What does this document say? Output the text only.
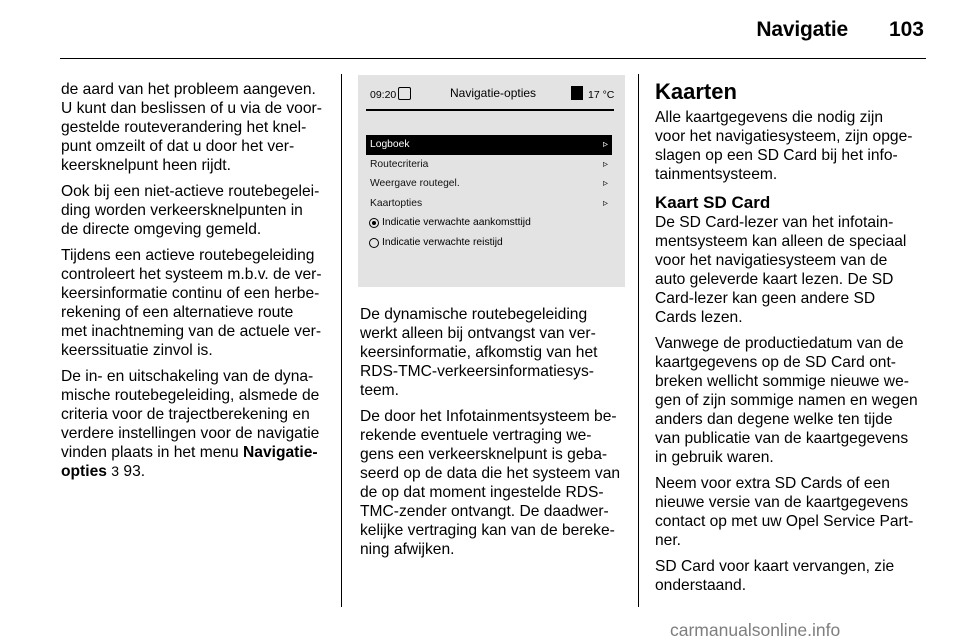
Navigatie	103

de aard van het probleem aangeven.
U kunt dan beslissen of u via de voor-
gestelde routeverandering het knel-
punt omzeilt of dat u door het ver-
keersknelpunt heen rijdt.

Ook bij een niet-actieve routebegelei-
ding worden verkeersknelpunten in
de directe omgeving gemeld.

Tijdens een actieve routebegeleiding
controleert het systeem m.b.v. de ver-
keersinformatie continu of een herbe-
rekening of een alternatieve route
met inachtneming van de actuele ver-
keerssituatie zinvol is.

De in- en uitschakeling van de dyna-
mische routebegeleiding, alsmede de
criteria voor de trajectberekening en
verdere instellingen voor de navigatie
vinden plaats in het menu Navigatie-
opties 3 93.

09:20	Navigatie-opties	17 °C
Logboek	▹
Routecriteria	▹
Weergave routegel.	▹
Kaartopties	▹
Indicatie verwachte aankomsttijd
Indicatie verwachte reistijd

De dynamische routebegeleiding
werkt alleen bij ontvangst van ver-
keersinformatie, afkomstig van het
RDS-TMC-verkeersinformatiesys-
teem.

De door het Infotainmentsysteem be-
rekende eventuele vertraging we-
gens een verkeersknelpunt is geba-
seerd op de data die het systeem van
de op dat moment ingestelde RDS-
TMC-zender ontvangt. De daadwer-
kelijke vertraging kan van de bereke-
ning afwijken.

Kaarten

Alle kaartgegevens die nodig zijn
voor het navigatiesysteem, zijn opge-
slagen op een SD Card bij het info-
tainmentsysteem.

Kaart SD Card

De SD Card-lezer van het infotain-
mentsysteem kan alleen de speciaal
voor het navigatiesysteem van de
auto geleverde kaart lezen. De SD
Card-lezer kan geen andere SD
Cards lezen.

Vanwege de productiedatum van de
kaartgegevens op de SD Card ont-
breken wellicht sommige nieuwe we-
gen of zijn sommige namen en wegen
anders dan degene welke ten tijde
van publicatie van de kaartgegevens
in gebruik waren.

Neem voor extra SD Cards of een
nieuwe versie van de kaartgegevens
contact op met uw Opel Service Part-
ner.

SD Card voor kaart vervangen, zie
onderstaand.

carmanualsonline.info
